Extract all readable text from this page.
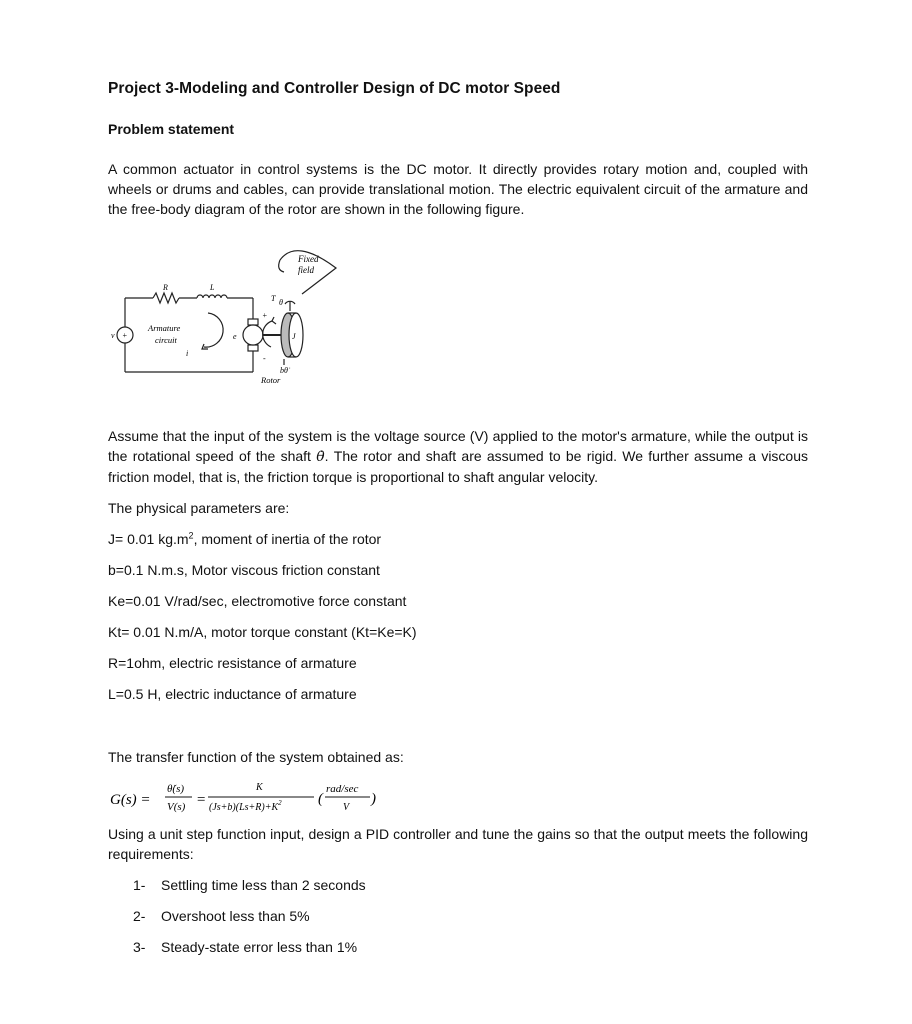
Project 3-Modeling and Controller Design of DC motor Speed
Problem statement

A common actuator in control systems is the DC motor. It directly provides rotary motion and, coupled with wheels or drums and cables, can provide translational motion. The electric equivalent circuit of the armature and the free-body diagram of the rotor are shown in the following figure.

Fixed
field
R	L
T θ
v +
Armature
circuit
i
e
+
-
J
bθ̇
Rotor

Assume that the input of the system is the voltage source (V) applied to the motor's armature, while the output is the rotational speed of the shaft θ̇. The rotor and shaft are assumed to be rigid. We further assume a viscous friction model, that is, the friction torque is proportional to shaft angular velocity.

The physical parameters are:

J= 0.01 $kg.m^2$, moment of inertia of the rotor

b=0.1 N.m.s, Motor viscous friction constant

Ke=0.01 V/rad/sec, electromotive force constant

Kt= 0.01 N.m/A, motor torque constant (Kt=Ke=K)

R=1ohm, electric resistance of armature

L=0.5 H, electric inductance of armature

The transfer function of the system obtained as:

G(s) =
θ̇(s)
V(s) =
K
$(Js+b)(Ls+R)+K^2$ (
rad/sec
V
)

Using a unit step function input, design a PID controller and tune the gains so that the output meets the following requirements:

1- Settling time less than 2 seconds

2- Overshoot less than 5%

3- Steady-state error less than 1%
